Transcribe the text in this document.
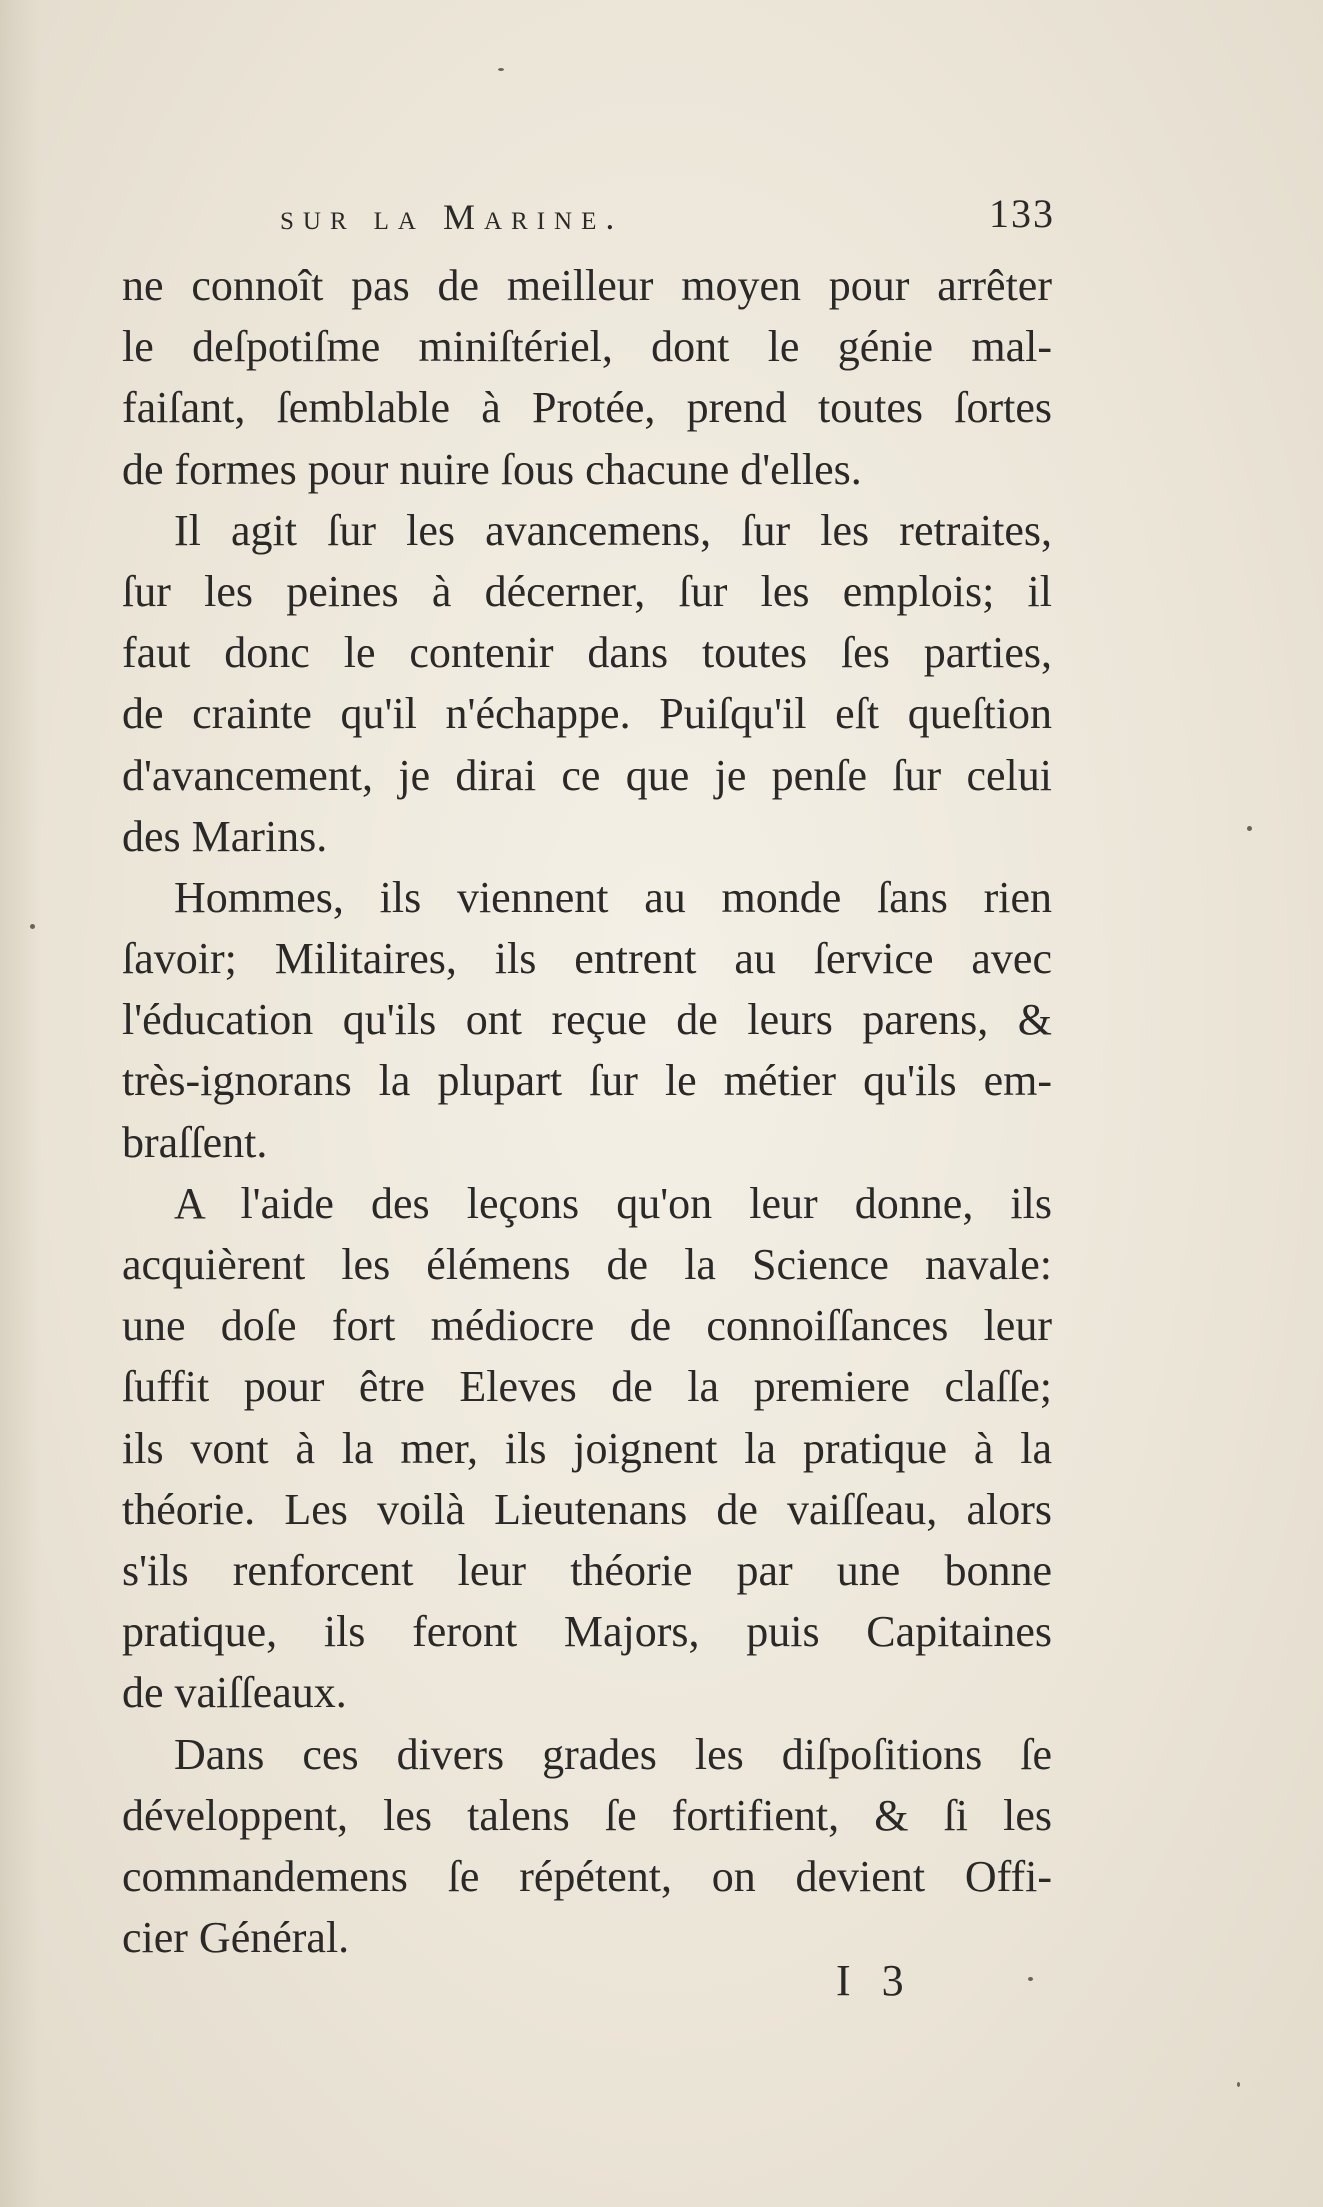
sur la Marine.	133
ne connoît pas de meilleur moyen pour arrêter
le deſpotiſme miniſtériel, dont le génie mal-
faiſant, ſemblable à Protée, prend toutes ſortes
de formes pour nuire ſous chacune d'elles.
Il agit ſur les avancemens, ſur les retraites,
ſur les peines à décerner, ſur les emplois; il
faut donc le contenir dans toutes ſes parties,
de crainte qu'il n'échappe. Puiſqu'il eſt queſtion
d'avancement, je dirai ce que je penſe ſur celui
des Marins.
Hommes, ils viennent au monde ſans rien
ſavoir; Militaires, ils entrent au ſervice avec
l'éducation qu'ils ont reçue de leurs parens, &
très-ignorans la plupart ſur le métier qu'ils em-
braſſent.
A l'aide des leçons qu'on leur donne, ils
acquièrent les élémens de la Science navale:
une doſe fort médiocre de connoiſſances leur
ſuffit pour être Eleves de la premiere claſſe;
ils vont à la mer, ils joignent la pratique à la
théorie. Les voilà Lieutenans de vaiſſeau, alors
s'ils renforcent leur théorie par une bonne
pratique, ils feront Majors, puis Capitaines
de vaiſſeaux.
Dans ces divers grades les diſpoſitions ſe
développent, les talens ſe fortifient, & ſi les
commandemens ſe répétent, on devient Offi-
cier Général.
I 3
